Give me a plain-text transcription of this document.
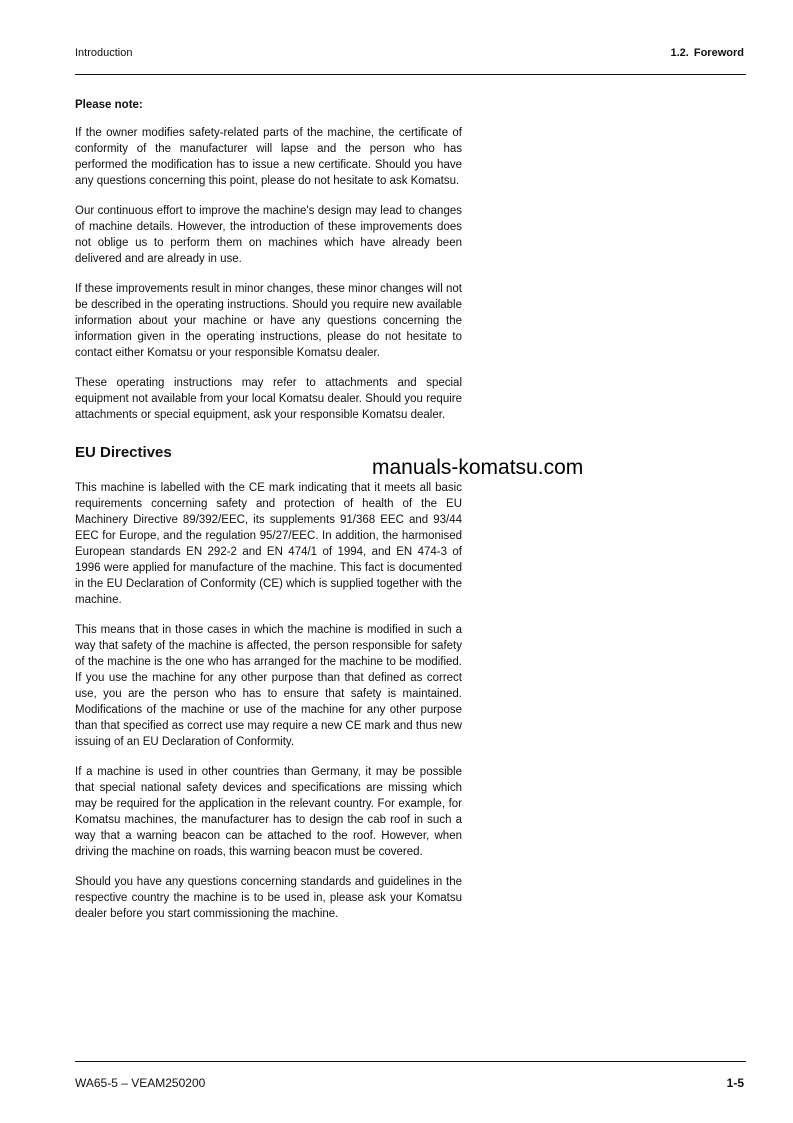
Introduction	1.2. Foreword

Please note:

If the owner modifies safety-related parts of the machine, the certificate of conformity of the manufacturer will lapse and the person who has performed the modification has to issue a new certificate. Should you have any questions concerning this point, please do not hesitate to ask Komatsu.

Our continuous effort to improve the machine's design may lead to changes of machine details. However, the introduction of these improvements does not oblige us to perform them on machines which have already been delivered and are already in use.

If these improvements result in minor changes, these minor changes will not be described in the operating instructions. Should you require new available information about your machine or have any questions concerning the information given in the operating instructions, please do not hesitate to contact either Komatsu or your responsible Komatsu dealer.

These operating instructions may refer to attachments and special equipment not available from your local Komatsu dealer. Should you require attachments or special equipment, ask your responsible Komatsu dealer.

EU Directives

This machine is labelled with the CE mark indicating that it meets all basic requirements concerning safety and protection of health of the EU Machinery Directive 89/392/EEC, its supplements 91/368 EEC and 93/44 EEC for Europe, and the regulation 95/27/EEC. In addition, the harmonised European standards EN 292-2 and EN 474/1 of 1994, and EN 474-3 of 1996 were applied for manufacture of the machine. This fact is documented in the EU Declaration of Conformity (CE) which is supplied together with the machine.

This means that in those cases in which the machine is modified in such a way that safety of the machine is affected, the person responsible for safety of the machine is the one who has arranged for the machine to be modified. If you use the machine for any other purpose than that defined as correct use, you are the person who has to ensure that safety is maintained. Modifications of the machine or use of the machine for any other purpose than that specified as correct use may require a new CE mark and thus new issuing of an EU Declaration of Conformity.

If a machine is used in other countries than Germany, it may be possible that special national safety devices and specifications are missing which may be required for the application in the relevant country. For example, for Komatsu machines, the manufacturer has to design the cab roof in such a way that a warning beacon can be attached to the roof. However, when driving the machine on roads, this warning beacon must be covered.

Should you have any questions concerning standards and guidelines in the respective country the machine is to be used in, please ask your Komatsu dealer before you start commissioning the machine.

manuals-komatsu.com
WA65-5 – VEAM250200	1-5
